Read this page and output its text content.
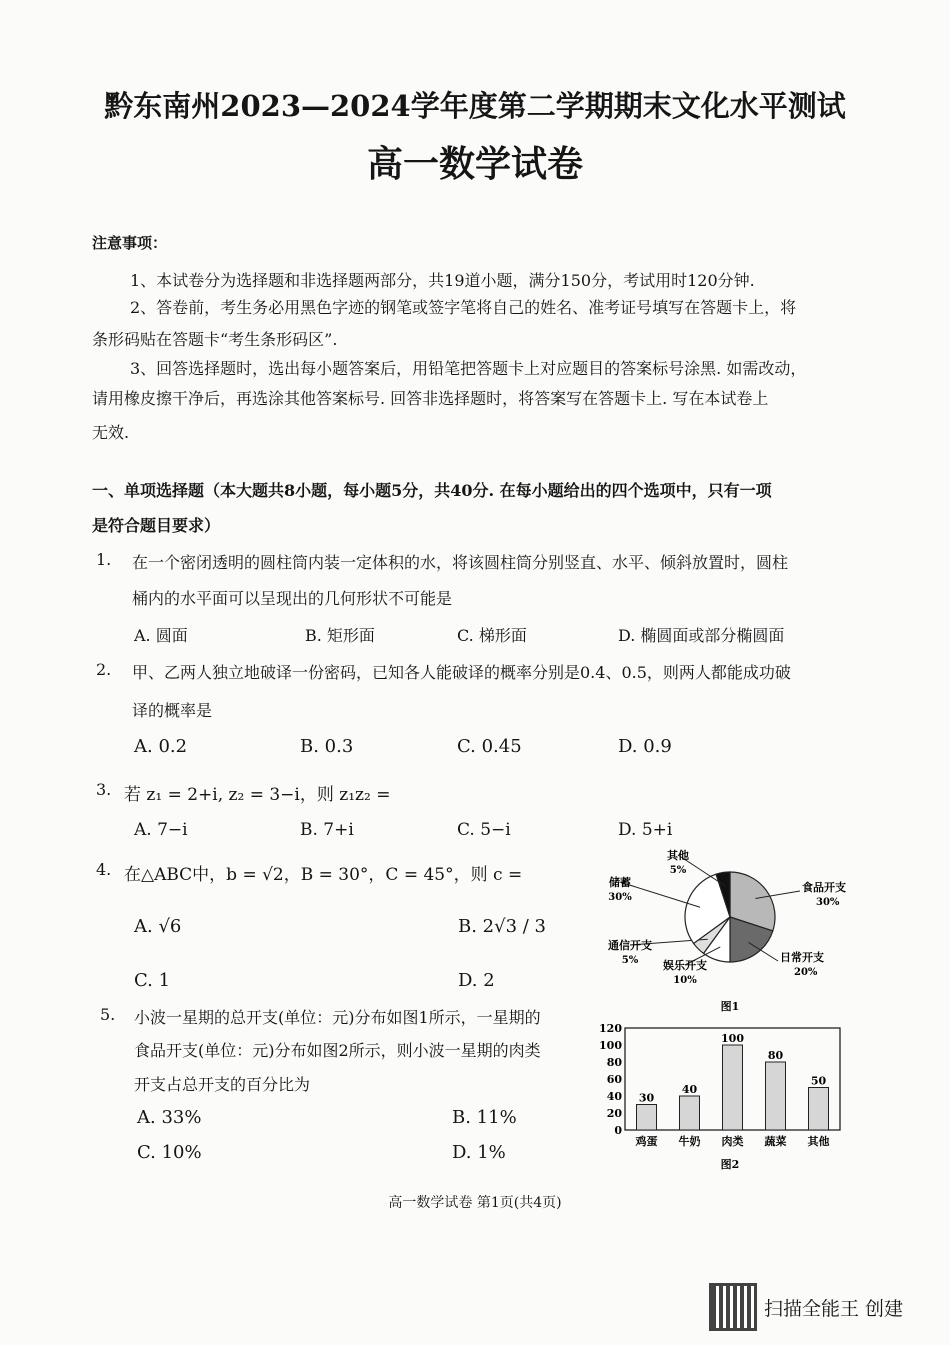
黔东南州2023—2024学年度第二学期期末文化水平测试
高一数学试卷
注意事项：
1、本试卷分为选择题和非选择题两部分，共19道小题，满分150分，考试用时120分钟.
2、答卷前，考生务必用黑色字迹的钢笔或签字笔将自己的姓名、准考证号填写在答题卡上，将
条形码贴在答题卡“考生条形码区”.
3、回答选择题时，选出每小题答案后，用铅笔把答题卡上对应题目的答案标号涂黑. 如需改动，
请用橡皮擦干净后，再选涂其他答案标号. 回答非选择题时，将答案写在答题卡上. 写在本试卷上
无效.
一、单项选择题（本大题共8小题，每小题5分，共40分. 在每小题给出的四个选项中，只有一项
是符合题目要求）
1. 在一个密闭透明的圆柱筒内装一定体积的水，将该圆柱筒分别竖直、水平、倾斜放置时，圆柱
桶内的水平面可以呈现出的几何形状不可能是
A. 圆面	B. 矩形面	C. 梯形面	D. 椭圆面或部分椭圆面
2. 甲、乙两人独立地破译一份密码，已知各人能破译的概率分别是0.4、0.5，则两人都能成功破
译的概率是
A. 0.2	B. 0.3	C. 0.45	D. 0.9
3. 若 z₁ = 2+i, z₂ = 3−i，则 z₁z₂ =
A. 7−i	B. 7+i	C. 5−i	D. 5+i
4. 在△ABC中，b = √2，B = 30°，C = 45°，则 c =
A. √6	B. 2√3 / 3
C. 1	D. 2
5. 小波一星期的总开支(单位：元)分布如图1所示，一星期的
食品开支(单位：元)分布如图2所示，则小波一星期的肉类
开支占总开支的百分比为
A. 33%	B. 11%
C. 10%	D. 1%
食品开支
30%
日常开支
20%
娱乐开支
10%
通信开支
5%
储蓄
30%
其他
5%
图1
0
20
40
60
80
100
120
30
鸡蛋
40
牛奶
100
肉类
80
蔬菜
50
其他
图2
高一数学试卷 第1页(共4页)
扫描全能王 创建
